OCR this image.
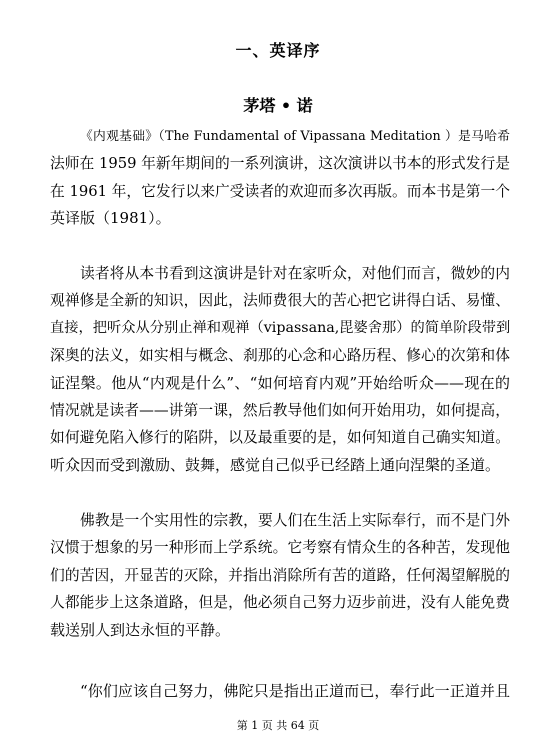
一、英译序
茅塔 • 诺
《内观基础》（The Fundamental of Vipassana Meditation ）是马哈希
法师在 1959 年新年期间的一系列演讲，这次演讲以书本的形式发行是
在 1961 年，它发行以来广受读者的欢迎而多次再版。而本书是第一个
英译版（1981）。
读者将从本书看到这演讲是针对在家听众，对他们而言，微妙的内
观禅修是全新的知识，因此，法师费很大的苦心把它讲得白话、易懂、
直接，把听众从分别止禅和观禅（vipassana,毘婆舍那）的简单阶段带到
深奥的法义，如实相与概念、刹那的心念和心路历程、修心的次第和体
证涅槃。他从“内观是什么”、“如何培育内观”开始给听众——现在的
情况就是读者——讲第一课，然后教导他们如何开始用功，如何提高，
如何避免陷入修行的陷阱，以及最重要的是，如何知道自己确实知道。
听众因而受到激励、鼓舞，感觉自己似乎已经踏上通向涅槃的圣道。
佛教是一个实用性的宗教，要人们在生活上实际奉行，而不是门外
汉惯于想象的另一种形而上学系统。它考察有情众生的各种苦，发现他
们的苦因，开显苦的灭除，并指出消除所有苦的道路，任何渴望解脱的
人都能步上这条道路，但是，他必须自己努力迈步前进，没有人能免费
载送别人到达永恒的平静。
“你们应该自己努力，佛陀只是指出正道而已，奉行此一正道并且
第 1 页 共 64 页
